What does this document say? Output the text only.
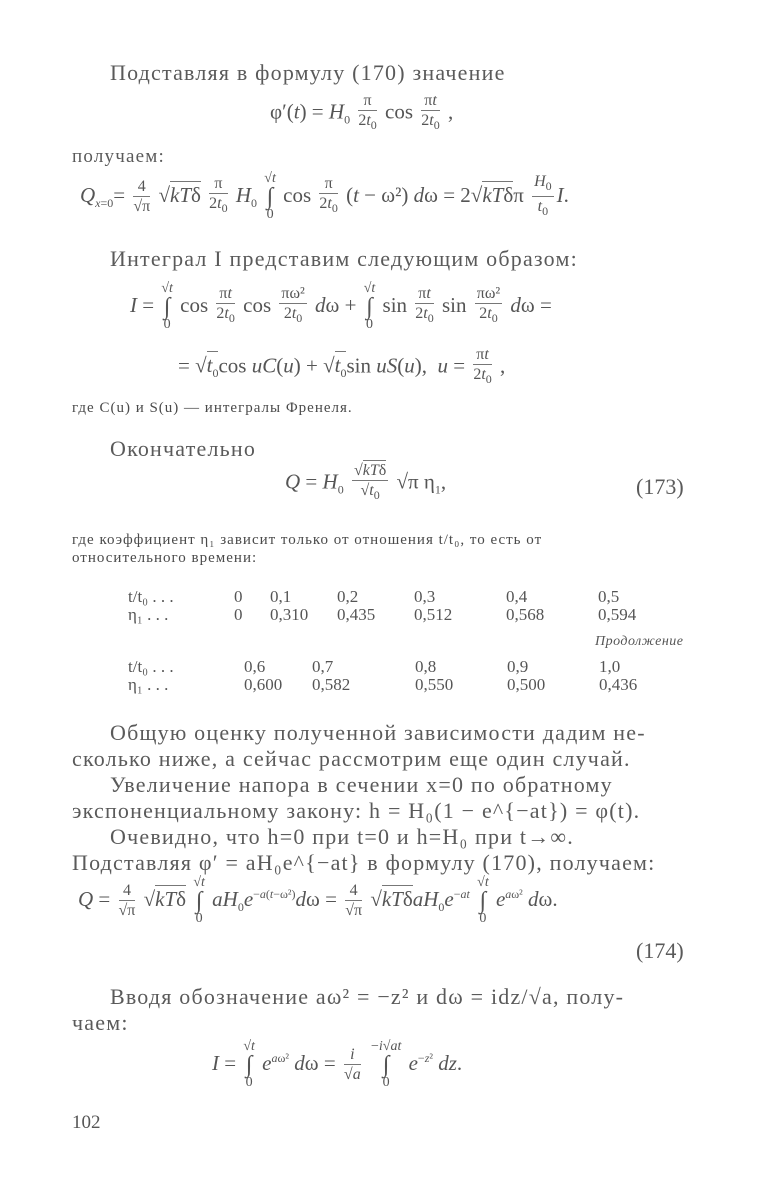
Подставляя в формулу (170) значение
$\varphi'(t) = H_0 \frac{\pi}{2t_0}$ $\cos \frac{\pi t}{2t_0}$ ,
получаем:
$Q_{x=0}= \frac{4}{√\pi} √kT\delta \frac{\pi}{2t_0} H_0$ √t
∫
0 $\cos \frac{\pi}{2t_0} (t - \omega^2) d\omega = 2√kT\delta\pi \frac{H_0}{t_0} I$.
Интеграл I представим следующим образом:
I = √t
∫
0 $\cos \frac{\pi t}{2t_0}$ $\cos \frac{\text{πω²}}{2t_0}$ dω + √t
∫
0 $\sin \frac{\pi t}{2t_0}$ $\sin \frac{\text{πω²}}{2t_0}$ dω =
= $√t_0\cos$ $uC(u) + √t_0\sin$ uS(u),  $u = \frac{\pi t}{2t_0}$ ,
где C(u) и S(u) — интегралы Френеля.
Окончательно
$Q = H_0 \frac{\text{√kTδ}}{√t_0} √\pi$ $\eta_1$,	(173)
где коэффициент η₁ зависит только от отношения t/t₀, то есть от
относительного времени:
t/t₀ . . .	0	0,1	0,2	0,3	0,4	0,5
η₁ . . .	0	0,310	0,435	0,512	0,568	0,594
Продолжение
t/t₀ . . .	0,6	0,7	0,8	0,9	1,0
η₁ . . .	0,600	0,582	0,550	0,500	0,436
Общую оценку полученной зависимости дадим не-
сколько ниже, а сейчас рассмотрим еще один случай.
Увеличение напора в сечении x=0 по обратному
экспоненциальному закону: h = H₀(1 − e^{−at}) = φ(t).
Очевидно, что h=0 при t=0 и h=H₀ при t→∞.
Подставляя φ′ = aH₀e^{−at} в формулу (170), получаем:
$Q = \frac{4}{√\pi} √kT\delta$ √t
∫
0 $aH_0e^{-a(t-\omega^2)}d\omega = \frac{4}{√\pi} √kT\delta aH_0e^{-at}$ √t
∫
0 $e^{a\omega^2}$ dω.
(174)
Вводя обозначение aω² = −z² и dω = idz/√a, полу-
чаем:
I = √t
∫
0 $e^{a\omega^2}$ $d\omega = \frac{i}{√a} -i√at$
∫
0 $e^{-z^2}$ dz.
102
